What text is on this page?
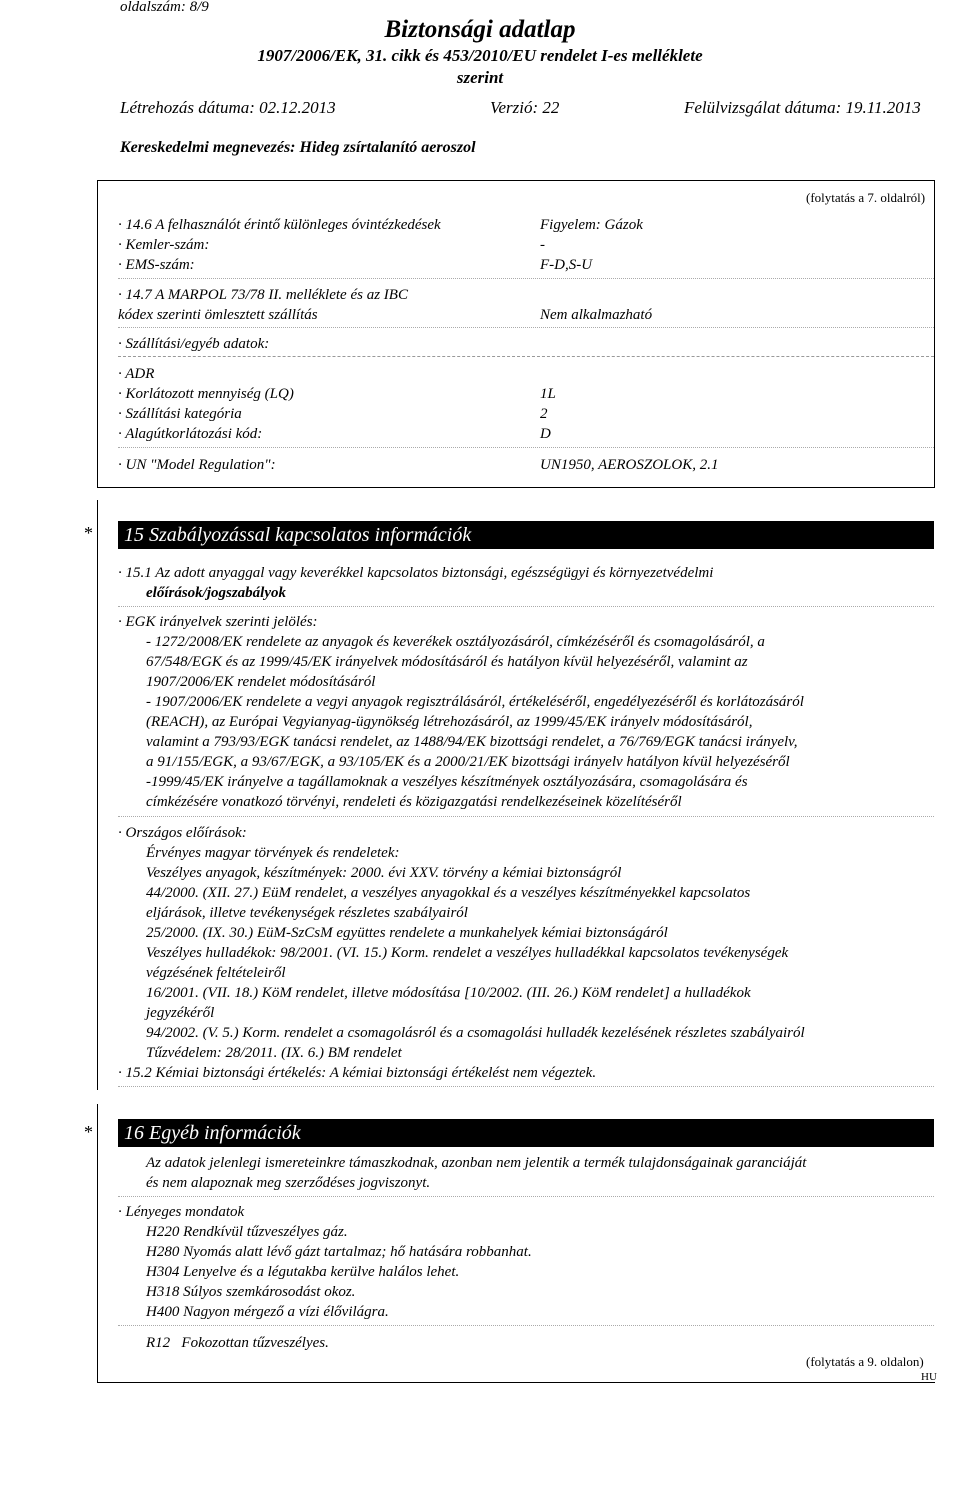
oldalszám: 8/9
Biztonsági adatlap
1907/2006/EK, 31. cikk és 453/2010/EU rendelet I-es melléklete
szerint
Létrehozás dátuma: 02.12.2013	Verzió: 22	Felülvizsgálat dátuma: 19.11.2013
Kereskedelmi megnevezés: Hideg zsírtalanító aeroszol
(folytatás a 7. oldalról)
· 14.6 A felhasználót érintő különleges óvintézkedések	Figyelem: Gázok
· Kemler-szám:	-
· EMS-szám:	F-D,S-U
· 14.7 A MARPOL 73/78 II. melléklete és az IBC
kódex szerinti ömlesztett szállítás	Nem alkalmazható
· Szállítási/egyéb adatok:
· ADR
· Korlátozott mennyiség (LQ)	1L
· Szállítási kategória	2
· Alagútkorlátozási kód:	D
· UN "Model Regulation":	UN1950, AEROSZOLOK, 2.1
*	15 Szabályozással kapcsolatos információk
· 15.1 Az adott anyaggal vagy keverékkel kapcsolatos biztonsági, egészségügyi és környezetvédelmi
előírások/jogszabályok
· EGK irányelvek szerinti jelölés:
- 1272/2008/EK rendelete az anyagok és keverékek osztályozásáról, címkézéséről és csomagolásáról, a
67/548/EGK és az 1999/45/EK irányelvek módosításáról és hatályon kívül helyezéséről, valamint az
1907/2006/EK rendelet módosításáról
- 1907/2006/EK rendelete a vegyi anyagok regisztrálásáról, értékeléséről, engedélyezéséről és korlátozásáról
(REACH), az Európai Vegyianyag-ügynökség létrehozásáról, az 1999/45/EK irányelv módosításáról,
valamint a 793/93/EGK tanácsi rendelet, az 1488/94/EK bizottsági rendelet, a 76/769/EGK tanácsi irányelv,
a 91/155/EGK, a 93/67/EGK, a 93/105/EK és a 2000/21/EK bizottsági irányelv hatályon kívül helyezéséről
-1999/45/EK irányelve a tagállamoknak a veszélyes készítmények osztályozására, csomagolására és
címkézésére vonatkozó törvényi, rendeleti és közigazgatási rendelkezéseinek közelítéséről
· Országos előírások:
Érvényes magyar törvények és rendeletek:
Veszélyes anyagok, készítmények: 2000. évi XXV. törvény a kémiai biztonságról
44/2000. (XII. 27.) EüM rendelet, a veszélyes anyagokkal és a veszélyes készítményekkel kapcsolatos
eljárások, illetve tevékenységek részletes szabályairól
25/2000. (IX. 30.) EüM-SzCsM együttes rendelete a munkahelyek kémiai biztonságáról
Veszélyes hulladékok: 98/2001. (VI. 15.) Korm. rendelet a veszélyes hulladékkal kapcsolatos tevékenységek
végzésének feltételeiről
16/2001. (VII. 18.) KöM rendelet, illetve módosítása [10/2002. (III. 26.) KöM rendelet] a hulladékok
jegyzékéről
94/2002. (V. 5.) Korm. rendelet a csomagolásról és a csomagolási hulladék kezelésének részletes szabályairól
Tűzvédelem: 28/2011. (IX. 6.) BM rendelet
· 15.2 Kémiai biztonsági értékelés: A kémiai biztonsági értékelést nem végeztek.
*	16 Egyéb információk
Az adatok jelenlegi ismereteinkre támaszkodnak, azonban nem jelentik a termék tulajdonságainak garanciáját
és nem alapoznak meg szerződéses jogviszonyt.
· Lényeges mondatok
H220 Rendkívül tűzveszélyes gáz.
H280 Nyomás alatt lévő gázt tartalmaz; hő hatására robbanhat.
H304 Lenyelve és a légutakba kerülve halálos lehet.
H318 Súlyos szemkárosodást okoz.
H400 Nagyon mérgező a vízi élővilágra.
R12   Fokozottan tűzveszélyes.
(folytatás a 9. oldalon)
HU
